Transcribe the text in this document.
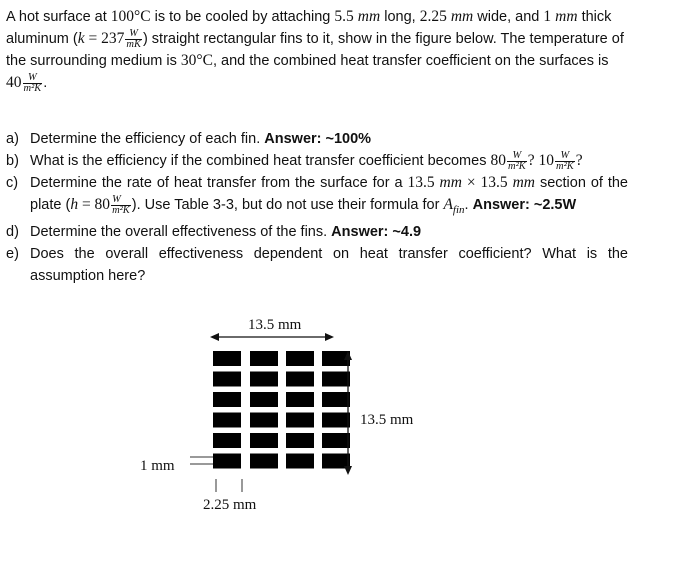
A hot surface at 100°C is to be cooled by attaching 5.5 mm long, 2.25 mm wide, and 1 mm thick aluminum ($k = 237 \frac{W}{mK}$ ) straight rectangular fins to it, show in the figure below. The temperature of the surrounding medium is 30°C, and the combined heat transfer coefficient on the surfaces is $40 \frac{W}{\text{m²K}}$ .
a) Determine the efficiency of each fin. Answer: ~100%
b) What is the efficiency if the combined heat transfer coefficient becomes $80 \frac{W}{\text{m²K}}$ ? $10 \frac{W}{\text{m²K}}$ ?
c) Determine the rate of heat transfer from the surface for a 13.5 mm × 13.5 mm section of the plate ($h = 80 \frac{W}{\text{m²K}}$ ). Use Table 3-3, but do not use their formula for $A_{fin}$. Answer: ~2.5W
d) Determine the overall effectiveness of the fins. Answer: ~4.9
e) Does the overall effectiveness dependent on heat transfer coefficient? What is the assumption here?
13.5 mm
13.5 mm
1 mm
2.25 mm
